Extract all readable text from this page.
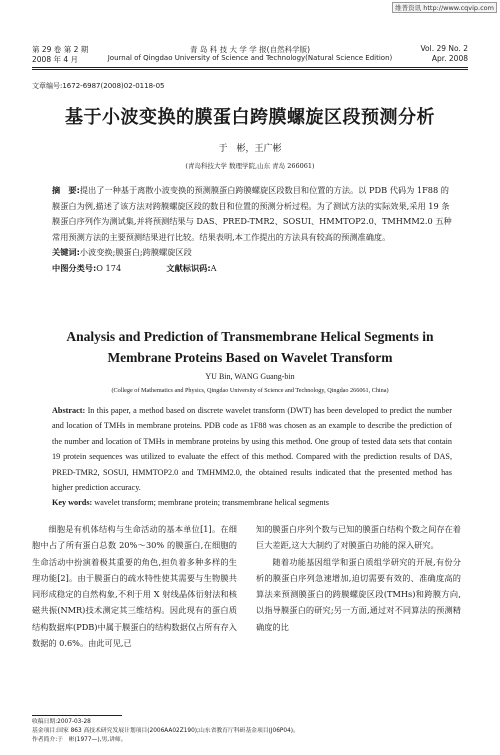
维普资讯 http://www.cqvip.com
第 29 卷 第 2 期
2008 年 4 月
青 岛 科 技 大 学 学 报(自然科学版)
Journal of Qingdao University of Science and Technology(Natural Science Edition)
Vol. 29 No. 2
Apr. 2008
文章编号:1672-6987(2008)02-0118-05
基于小波变换的膜蛋白跨膜螺旋区段预测分析
于　彬，王广彬
(青岛科技大学 数理学院,山东 青岛 266061)
摘　要:提出了一种基于离散小波变换的预测膜蛋白跨膜螺旋区段数目和位置的方法。以 PDB 代码为 1F88 的膜蛋白为例,描述了该方法对跨膜螺旋区段的数目和位置的预测分析过程。为了测试方法的实际效果,采用 19 条膜蛋白序列作为测试集,并将预测结果与 DAS、PRED-TMR2、SOSUI、HMMTOP2.0、TMHMM2.0 五种常用预测方法的主要预测结果进行比较。结果表明,本工作提出的方法具有较高的预测准确度。
关键词:小波变换;膜蛋白;跨膜螺旋区段
中图分类号:O 174	文献标识码:A
Analysis and Prediction of Transmembrane Helical Segments in Membrane Proteins Based on Wavelet Transform
YU Bin, WANG Guang-bin
(College of Mathematics and Physics, Qingdao University of Science and Technology, Qingdao 266061, China)
Abstract: In this paper, a method based on discrete wavelet transform (DWT) has been developed to predict the number and location of TMHs in membrane proteins. PDB code as 1F88 was chosen as an example to describe the prediction of the number and location of TMHs in membrane proteins by using this method. One group of tested data sets that contain 19 protein sequences was utilized to evaluate the effect of this method. Compared with the prediction results of DAS, PRED-TMR2, SOSUI, HMMTOP2.0 and TMHMM2.0, the obtained results indicated that the presented method has higher prediction accuracy.
Key words: wavelet transform; membrane protein; transmembrane helical segments
细胞是有机体结构与生命活动的基本单位[1]。在细胞中占了所有蛋白总数 20%～30% 的膜蛋白,在细胞的生命活动中扮演着极其重要的角色,担负着多种多样的生理功能[2]。由于膜蛋白的疏水特性使其需要与生物膜共同形成稳定的自然构象,不利于用 X 射线晶体衍射法和核磁共振(NMR)技术测定其三维结构。因此现有的蛋白质结构数据库(PDB)中属于膜蛋白的结构数据仅占所有存入数据的 0.6%。由此可见,已
知的膜蛋白序列个数与已知的膜蛋白结构个数之间存在着巨大差距,这大大制约了对膜蛋白功能的深入研究。
随着功能基因组学和蛋白质组学研究的开展,有份分析的膜蛋白序列急速增加,迫切需要有效的、准确度高的算法来预测膜蛋白的跨膜螺旋区段(TMHs)和跨膜方向,以指导膜蛋白的研究;另一方面,通过对不同算法的预测精确度的比
收稿日期:2007-03-28
基金项目:国家 863 高技术研究发展计划项目(2006AA02Z190);山东省教育厅科研基金项目(J06P04)。
作者简介:于　彬(1977—),男,讲师。
